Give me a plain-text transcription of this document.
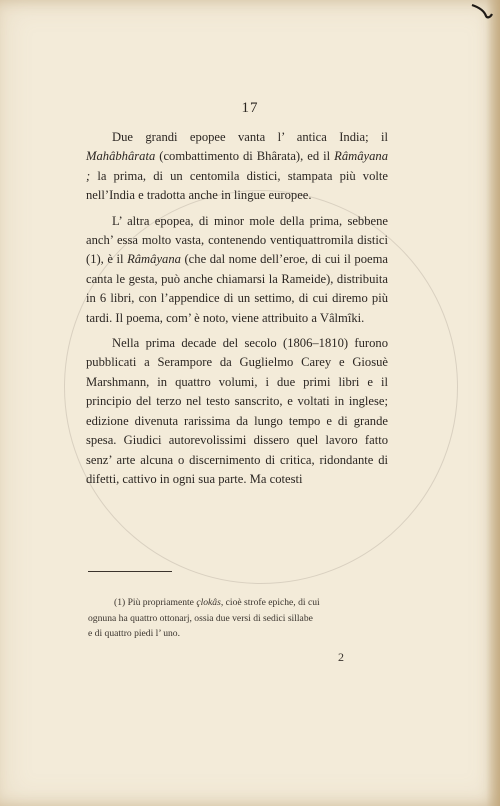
17

Due grandi epopee vanta l’ antica India; il Mahâbhârata (combattimento di Bhârata), ed il Râmâyana ; la prima, di un centomila distici, stampata più volte nell’India e tradotta anche in lingue europee.

L’ altra epopea, di minor mole della prima, sebbene anch’ essa molto vasta, contenendo ventiquattromila distici (1), è il Râmâyana (che dal nome dell’eroe, di cui il poema canta le gesta, può anche chiamarsi la Rameide), distribuita in 6 libri, con l’appendice di un settimo, di cui diremo più tardi. Il poema, com’ è noto, viene attribuito a Vâlmîki.

Nella prima decade del secolo (1806–1810) furono pubblicati a Serampore da Guglielmo Carey e Giosuè Marshmann, in quattro volumi, i due primi libri e il principio del terzo nel testo sanscrito, e voltati in inglese; edizione divenuta rarissima da lungo tempo e di grande spesa. Giudici autorevolissimi dissero quel lavoro fatto senz’ arte alcuna o discernimento di critica, ridondante di difetti, cattivo in ogni sua parte. Ma cotesti

(1) Più propriamente çlokâs, cioè strofe epiche, di cui
ognuna ha quattro ottonarj, ossia due versi di sedici sillabe
e di quattro piedi l’ uno.
2
